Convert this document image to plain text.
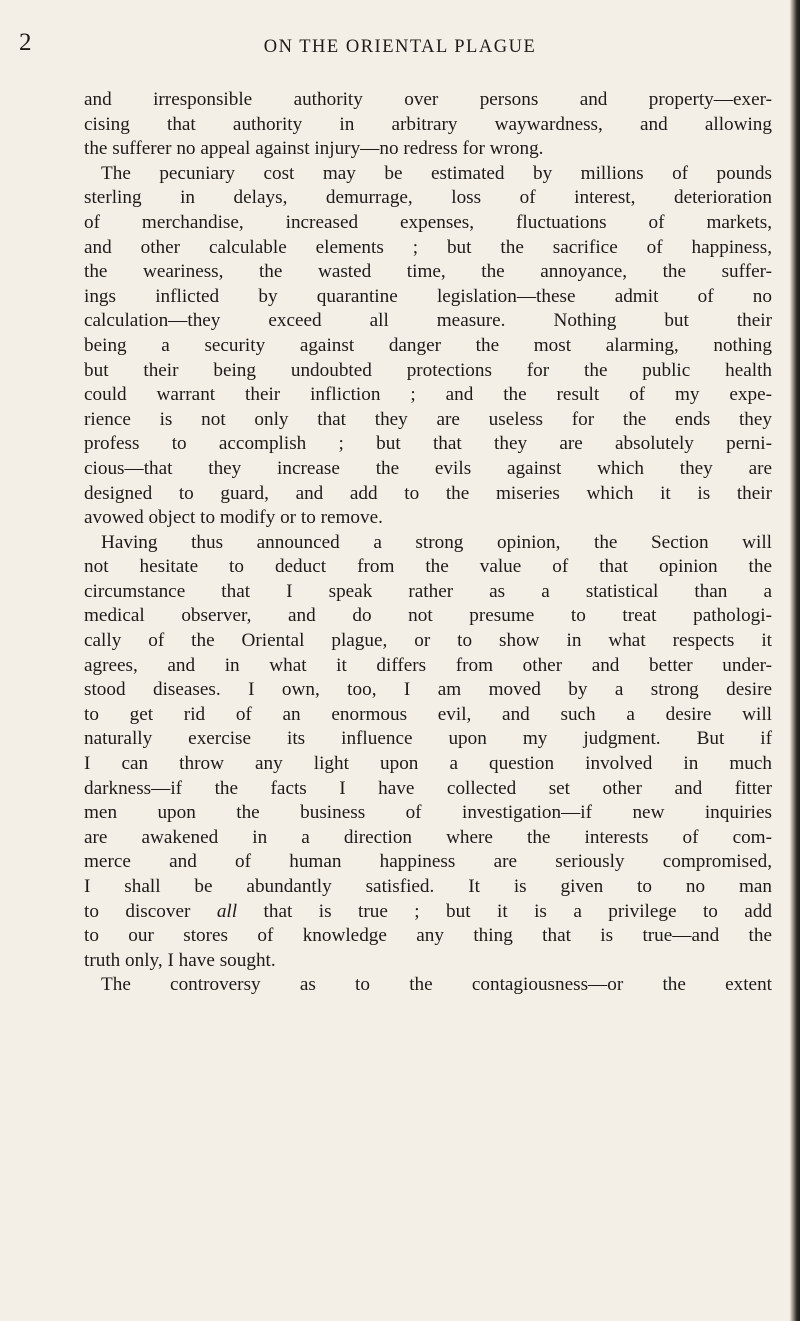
2	ON THE ORIENTAL PLAGUE
and irresponsible authority over persons and property—exer-
cising that authority in arbitrary waywardness, and allowing
the sufferer no appeal against injury—no redress for wrong.
The pecuniary cost may be estimated by millions of pounds
sterling in delays, demurrage, loss of interest, deterioration
of merchandise, increased expenses, fluctuations of markets,
and other calculable elements ; but the sacrifice of happiness,
the weariness, the wasted time, the annoyance, the suffer-
ings inflicted by quarantine legislation—these admit of no
calculation—they exceed all measure. Nothing but their
being a security against danger the most alarming, nothing
but their being undoubted protections for the public health
could warrant their infliction ; and the result of my expe-
rience is not only that they are useless for the ends they
profess to accomplish ; but that they are absolutely perni-
cious—that they increase the evils against which they are
designed to guard, and add to the miseries which it is their
avowed object to modify or to remove.
Having thus announced a strong opinion, the Section will
not hesitate to deduct from the value of that opinion the
circumstance that I speak rather as a statistical than a
medical observer, and do not presume to treat pathologi-
cally of the Oriental plague, or to show in what respects it
agrees, and in what it differs from other and better under-
stood diseases. I own, too, I am moved by a strong desire
to get rid of an enormous evil, and such a desire will
naturally exercise its influence upon my judgment. But if
I can throw any light upon a question involved in much
darkness—if the facts I have collected set other and fitter
men upon the business of investigation—if new inquiries
are awakened in a direction where the interests of com-
merce and of human happiness are seriously compromised,
I shall be abundantly satisfied. It is given to no man
to discover all that is true ; but it is a privilege to add
to our stores of knowledge any thing that is true—and the
truth only, I have sought.
The controversy as to the contagiousness—or the extent
